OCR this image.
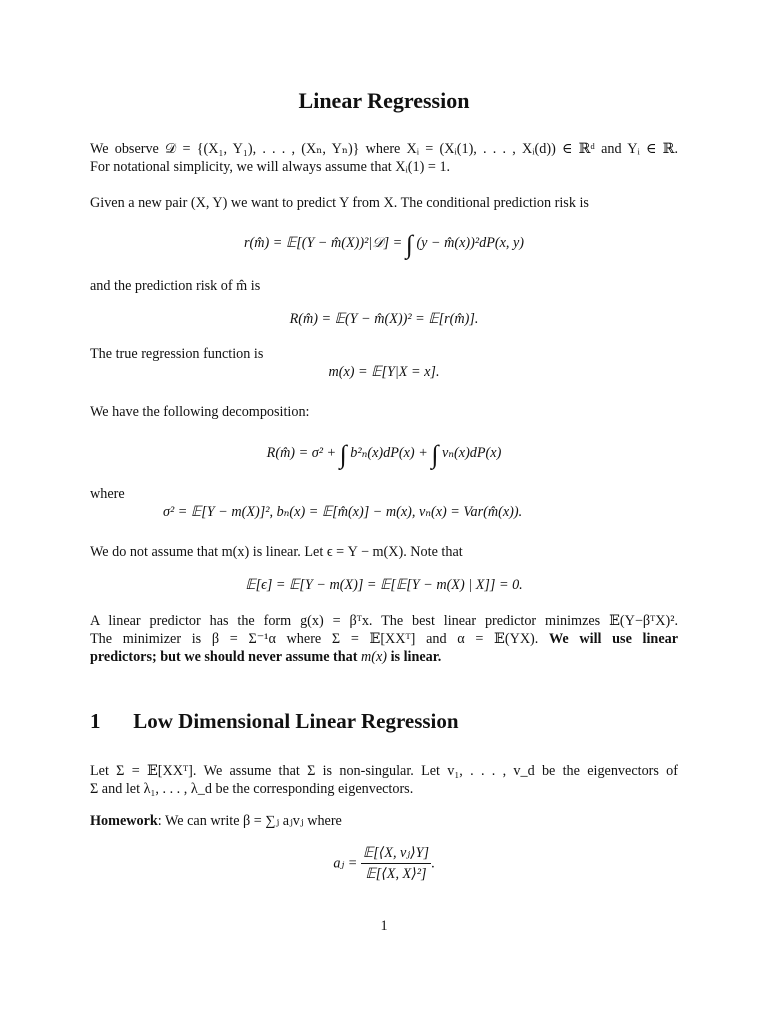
Linear Regression
We observe 𝒟 = {(X₁, Y₁), . . . , (Xₙ, Yₙ)} where Xᵢ = (Xᵢ(1), . . . , Xᵢ(d)) ∈ ℝᵈ and Yᵢ ∈ ℝ.
For notational simplicity, we will always assume that Xᵢ(1) = 1.
Given a new pair (X, Y) we want to predict Y from X. The conditional prediction risk is
r(m̂) = 𝔼[(Y − m̂(X))²|𝒟] = ∫ (y − m̂(x))²dP(x, y)
and the prediction risk of m̂ is
R(m̂) = 𝔼(Y − m̂(X))² = 𝔼[r(m̂)].
The true regression function is
m(x) = 𝔼[Y|X = x].
We have the following decomposition:
R(m̂) = σ² + ∫ b²ₙ(x)dP(x) + ∫ vₙ(x)dP(x)
where
σ² = 𝔼[Y − m(X)]², bₙ(x) = 𝔼[m̂(x)] − m(x), vₙ(x) = Var(m̂(x)).
We do not assume that m(x) is linear. Let ϵ = Y − m(X). Note that
𝔼[ϵ] = 𝔼[Y − m(X)] = 𝔼[𝔼[Y − m(X) | X]] = 0.
A linear predictor has the form g(x) = βᵀx. The best linear predictor minimzes 𝔼(Y−βᵀX)².
The minimizer is β = Σ⁻¹α where Σ = 𝔼[XXᵀ] and α = 𝔼(YX). We will use linear
predictors; but we should never assume that m(x) is linear.
1 Low Dimensional Linear Regression
Let Σ = 𝔼[XXᵀ]. We assume that Σ is non-singular. Let v₁, . . . , v_d be the eigenvectors of
Σ and let λ₁, . . . , λ_d be the corresponding eigenvectors.
Homework: We can write β = ∑ⱼ aⱼvⱼ where
aⱼ = $\frac{\text{𝔼[⟨X, vⱼ⟩Y]}}{\text{𝔼[⟨X, X⟩²]}}$ .
1
